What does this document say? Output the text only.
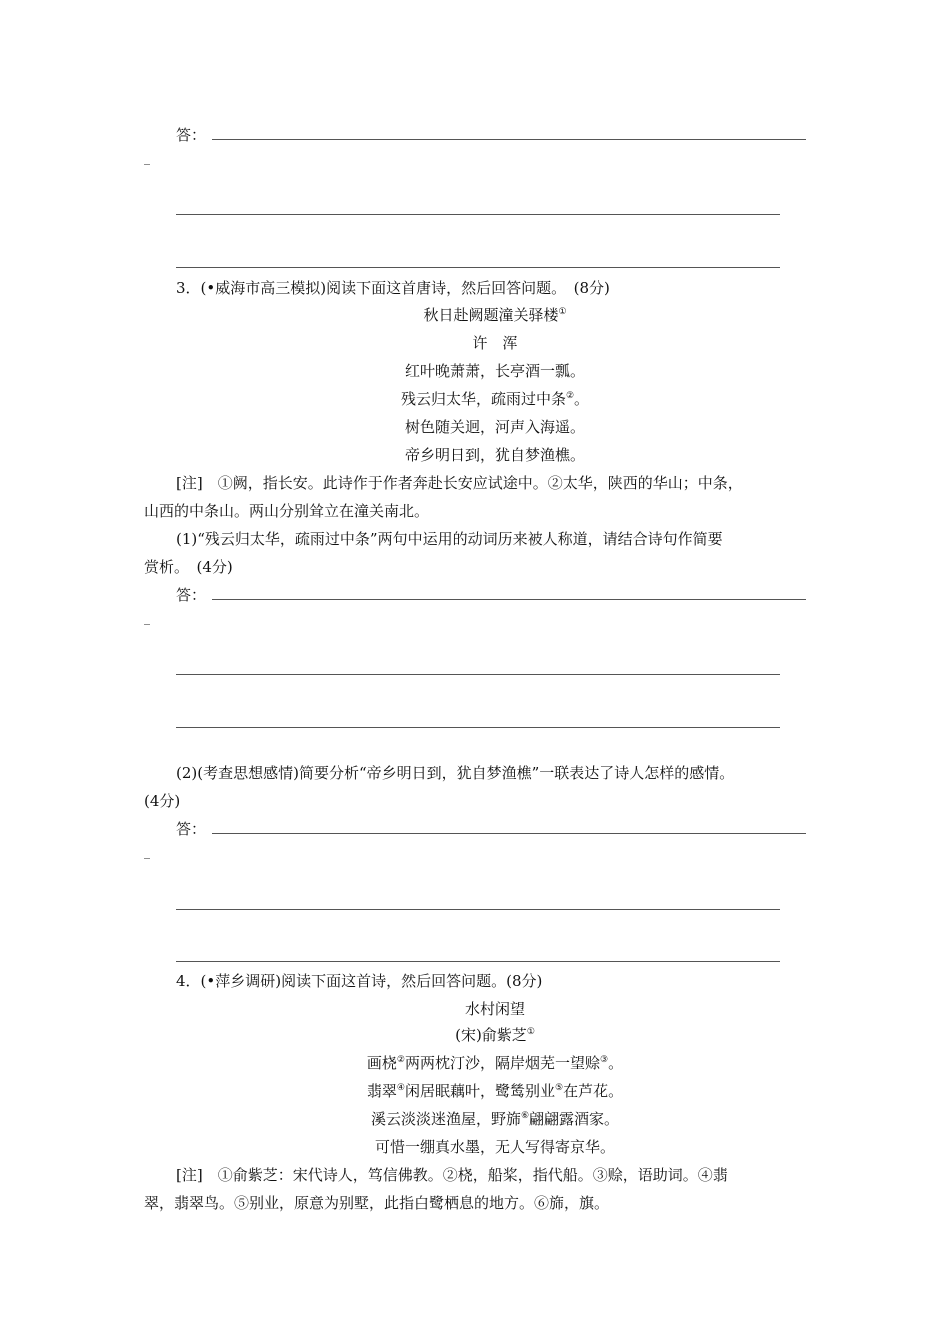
答：
_
3．(•威海市高三模拟)阅读下面这首唐诗，然后回答问题。　(8分)
秋日赴阙题潼关驿楼①
许　浑
红叶晚萧萧，长亭酒一瓢。
残云归太华，疏雨过中条②。
树色随关迥，河声入海遥。
帝乡明日到，犹自梦渔樵。
[注]　①阙，指长安。此诗作于作者奔赴长安应试途中。②太华，陕西的华山；中条，
山西的中条山。两山分别耸立在潼关南北。
(1)“残云归太华，疏雨过中条”两句中运用的动词历来被人称道，请结合诗句作简要
赏析。　(4分)
答：
_
(2)(考查思想感情)简要分析“帝乡明日到，犹自梦渔樵”一联表达了诗人怎样的感情。
(4分)
答：
_
4．(•萍乡调研)阅读下面这首诗，然后回答问题。(8分)
水村闲望
(宋)俞紫芝①
画桡②两两枕汀沙，隔岸烟芜一望赊③。
翡翠④闲居眠藕叶，鹭鸶别业⑤在芦花。
溪云淡淡迷渔屋，野旆⑥翩翩露酒家。
可惜一绷真水墨，无人写得寄京华。
[注]　①俞紫芝：宋代诗人，笃信佛教。②桡，船桨，指代船。③赊，语助词。④翡
翠，翡翠鸟。⑤别业，原意为别墅，此指白鹭栖息的地方。⑥旆，旗。
